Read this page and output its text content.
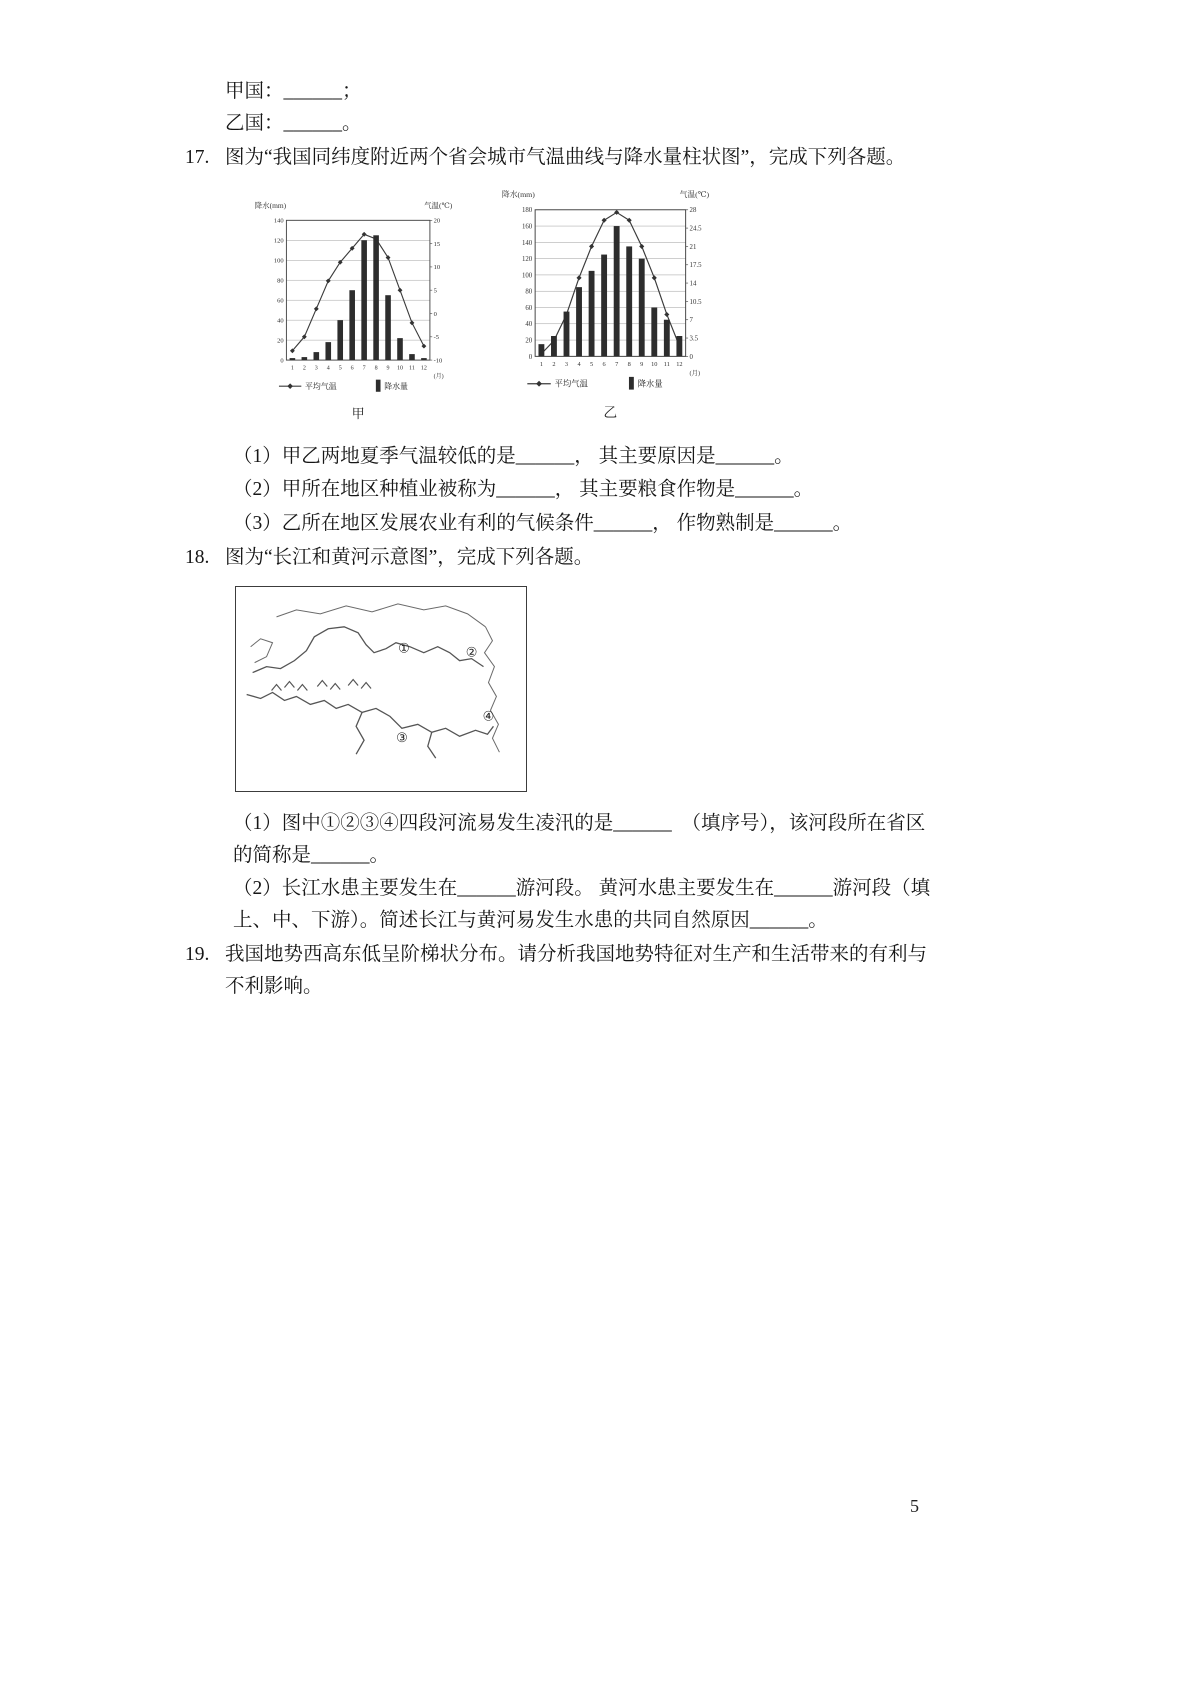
甲国：______；

乙国：______。

17. 图为“我国同纬度附近两个省会城市气温曲线与降水量柱状图”，完成下列各题。

0
20
40
60
80
100
120
140
-10
-5
0
5
10
15
20
1 2 3 4 5 6 7 8 9 10 11 12
(月)
降水(mm)	气温(℃)
平均气温	降水量
甲
0
20
40
60
80
100
120
140
160
180
0
3.5
7
10.5
14
17.5
21
24.5
28
1 2 3 4 5 6 7 8 9 10 11 12
(月)
降水(mm)	气温(℃)
平均气温	降水量
乙

（1）甲乙两地夏季气温较低的是______， 其主要原因是______。

（2）甲所在地区种植业被称为______， 其主要粮食作物是______。

（3）乙所在地区发展农业有利的气候条件______， 作物熟制是______。

18. 图为“长江和黄河示意图”，完成下列各题。

①	②
③
④

（1）图中①②③④四段河流易发生凌汛的是______　（填序号），该河段所在省区的简称是______。

（2）长江水患主要发生在______游河段。 黄河水患主要发生在______游河段（填上、中、下游）。简述长江与黄河易发生水患的共同自然原因______。

19. 我国地势西高东低呈阶梯状分布。请分析我国地势特征对生产和生活带来的有利与不利影响。

5
